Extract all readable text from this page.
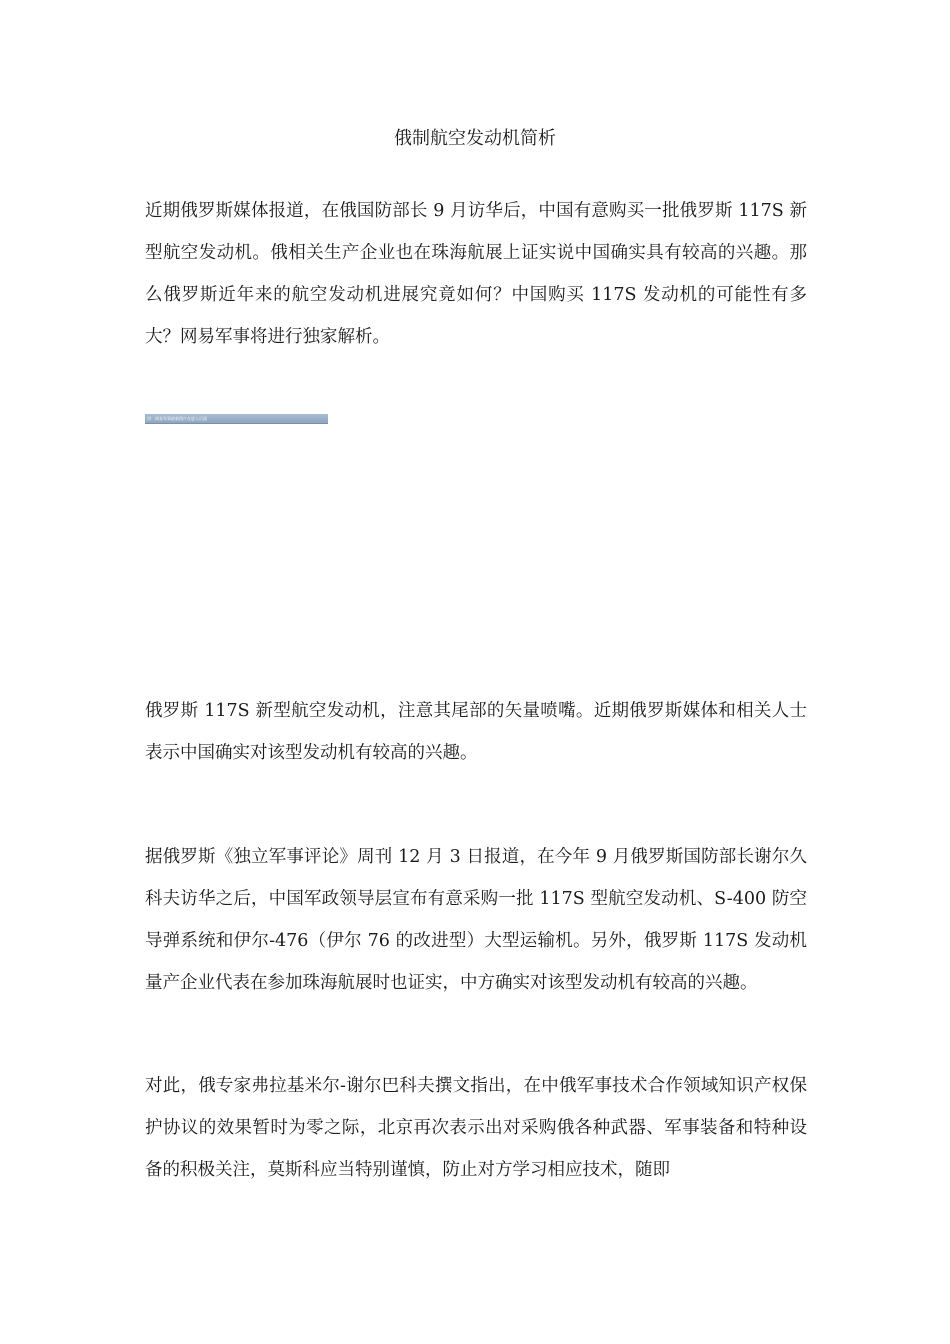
俄制航空发动机简析

近期俄罗斯媒体报道，在俄国防部长 9 月访华后，中国有意购买一批俄罗斯 117S 新型航空发动机。俄相关生产企业也在珠海航展上证实说中国确实具有较高的兴趣。那么俄罗斯近年来的航空发动机进展究竟如何？中国购买 117S 发动机的可能性有多大？网易军事将进行独家解析。

图：网易军事最新图片在进入后面

俄罗斯 117S 新型航空发动机，注意其尾部的矢量喷嘴。近期俄罗斯媒体和相关人士表示中国确实对该型发动机有较高的兴趣。

据俄罗斯《独立军事评论》周刊 12 月 3 日报道，在今年 9 月俄罗斯国防部长谢尔久科夫访华之后，中国军政领导层宣布有意采购一批 117S 型航空发动机、S-400 防空导弹系统和伊尔-476（伊尔 76 的改进型）大型运输机。另外，俄罗斯 117S 发动机量产企业代表在参加珠海航展时也证实，中方确实对该型发动机有较高的兴趣。

对此，俄专家弗拉基米尔-谢尔巴科夫撰文指出，在中俄军事技术合作领域知识产权保护协议的效果暂时为零之际，北京再次表示出对采购俄各种武器、军事装备和特种设备的积极关注，莫斯科应当特别谨慎，防止对方学习相应技术，随即
